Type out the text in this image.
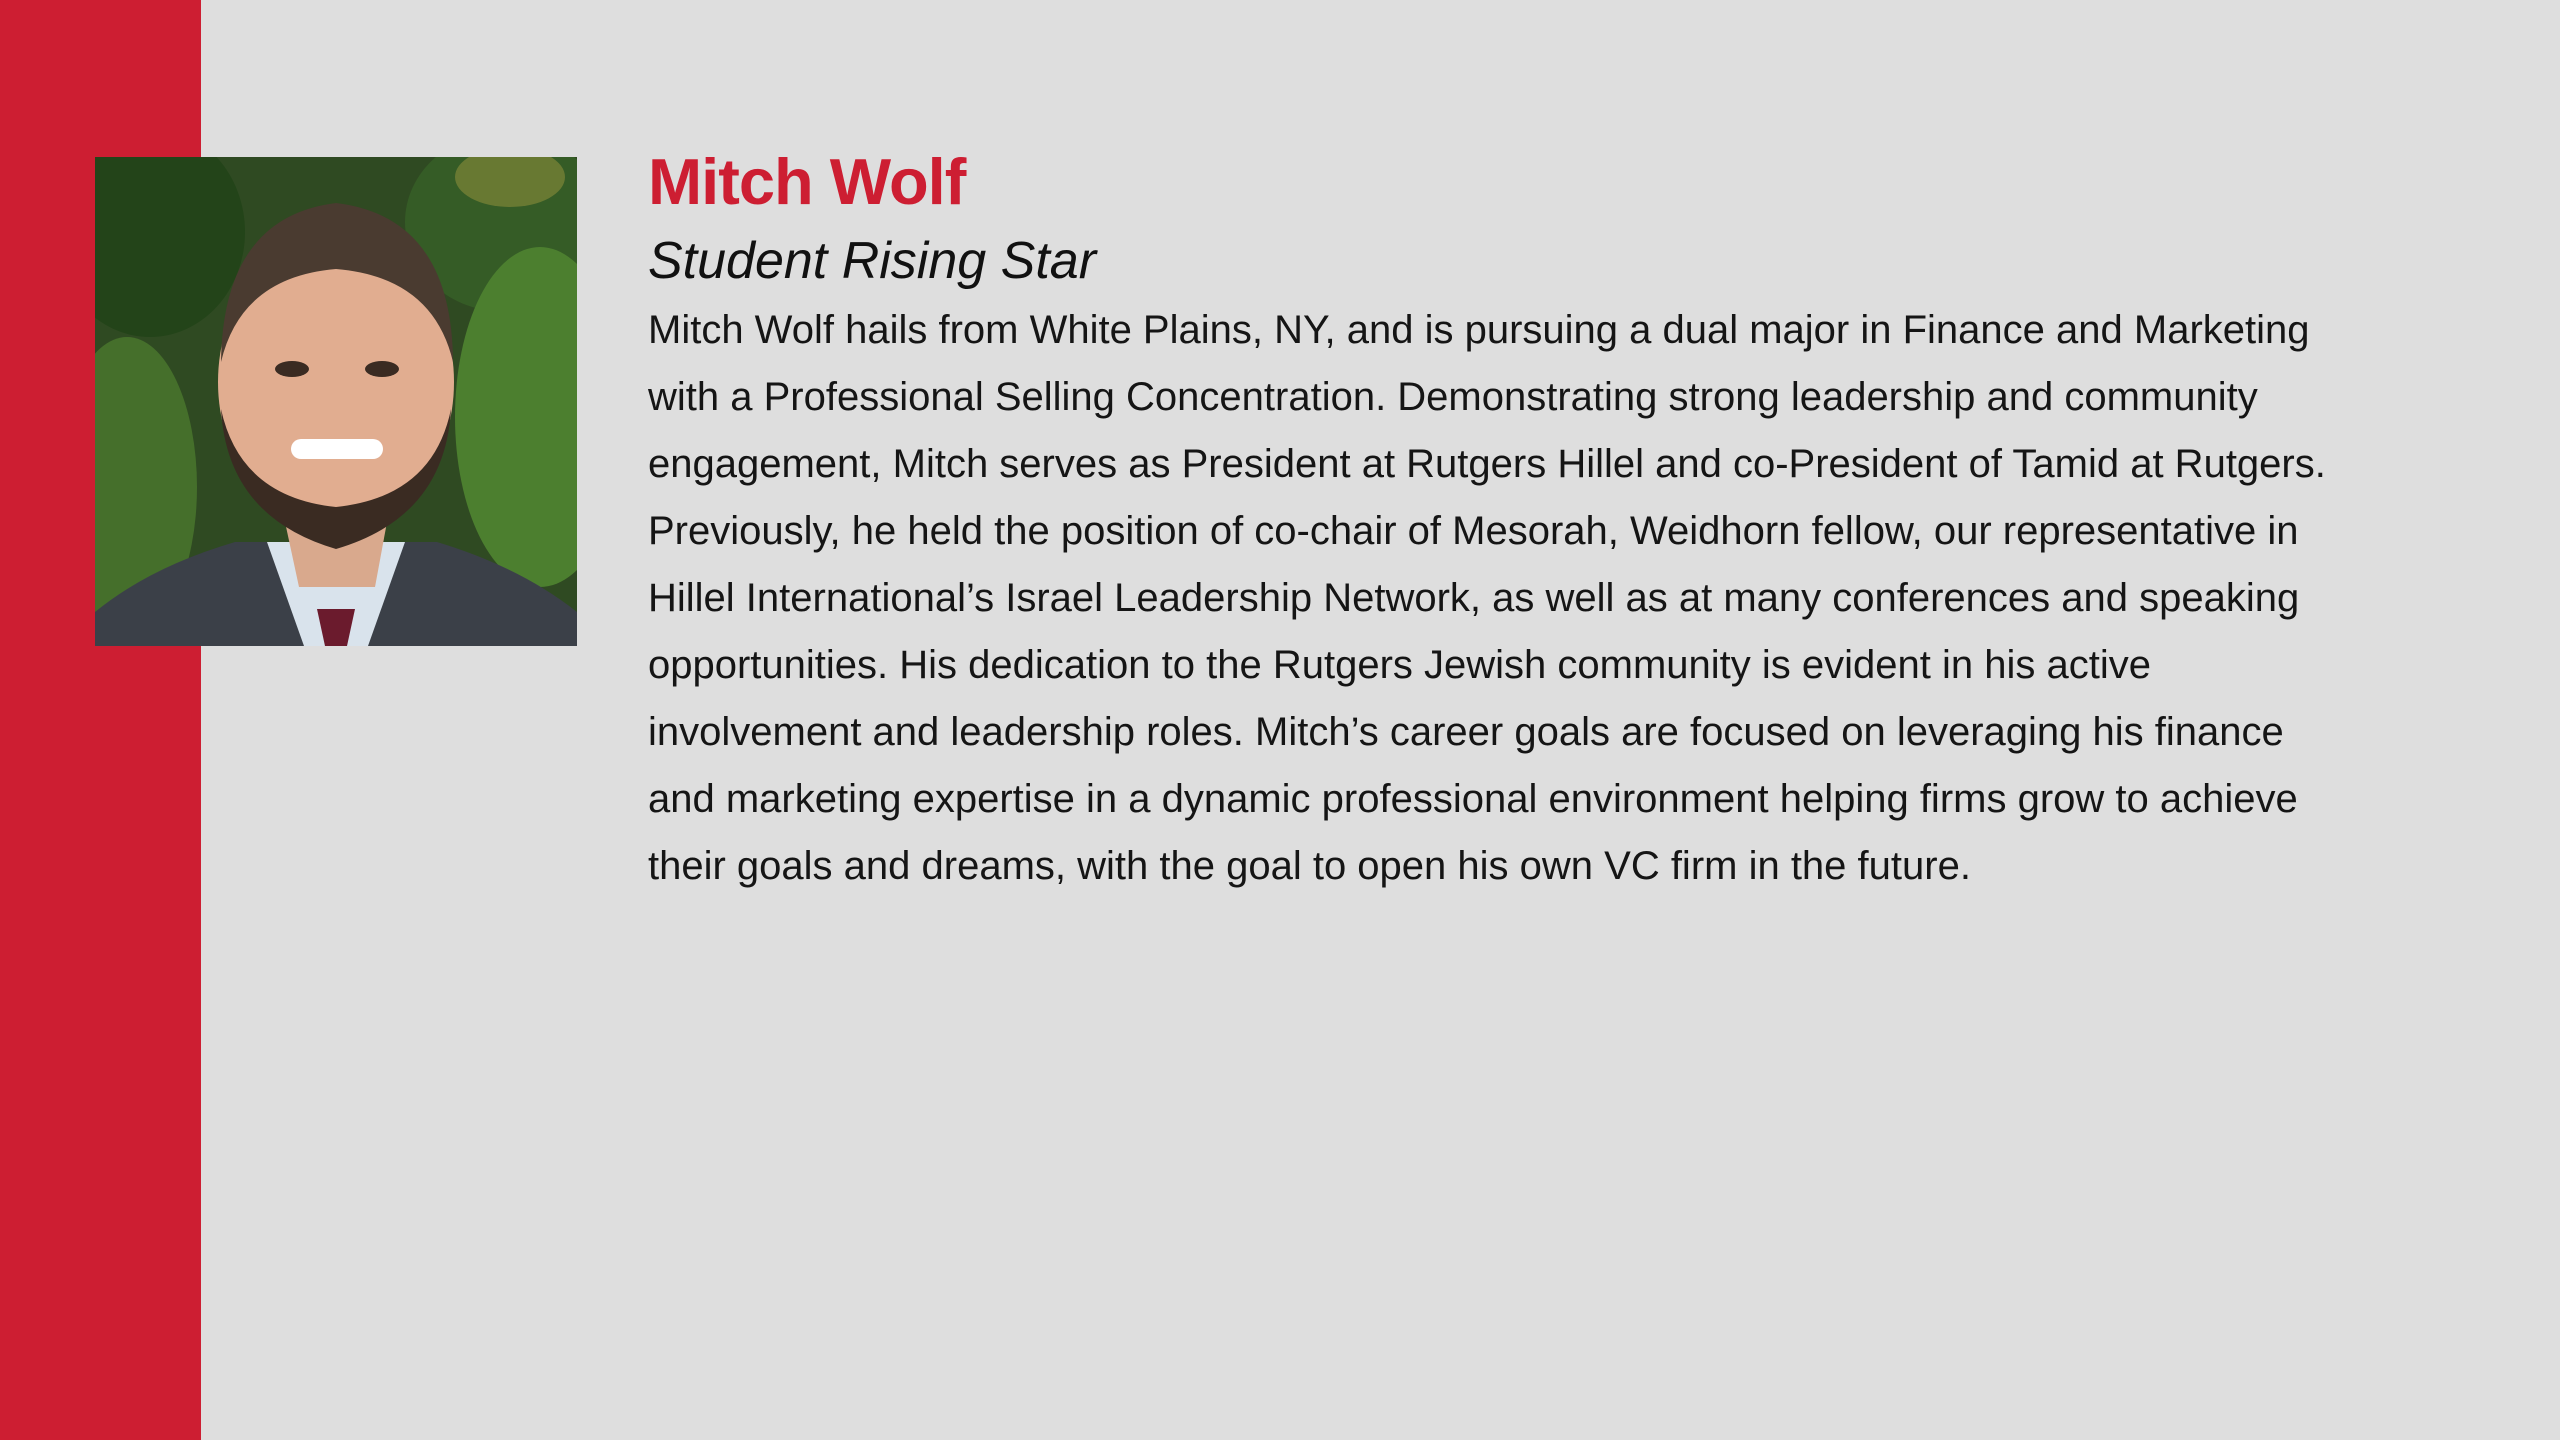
Mitch Wolf
Student Rising Star

Mitch Wolf hails from White Plains, NY, and is pursuing a dual major in Finance and Marketing with a Professional Selling Concentration. Demonstrating strong leadership and community engagement, Mitch serves as President at Rutgers Hillel and co-President of Tamid at Rutgers. Previously, he held the position of co-chair of Mesorah, Weidhorn fellow, our representative in Hillel International’s Israel Leadership Network, as well as at many conferences and speaking opportunities. His dedication to the Rutgers Jewish community is evident in his active involvement and leadership roles. Mitch’s career goals are focused on leveraging his finance and marketing expertise in a dynamic professional environment helping firms grow to achieve their goals and dreams, with the goal to open his own VC firm in the future.
